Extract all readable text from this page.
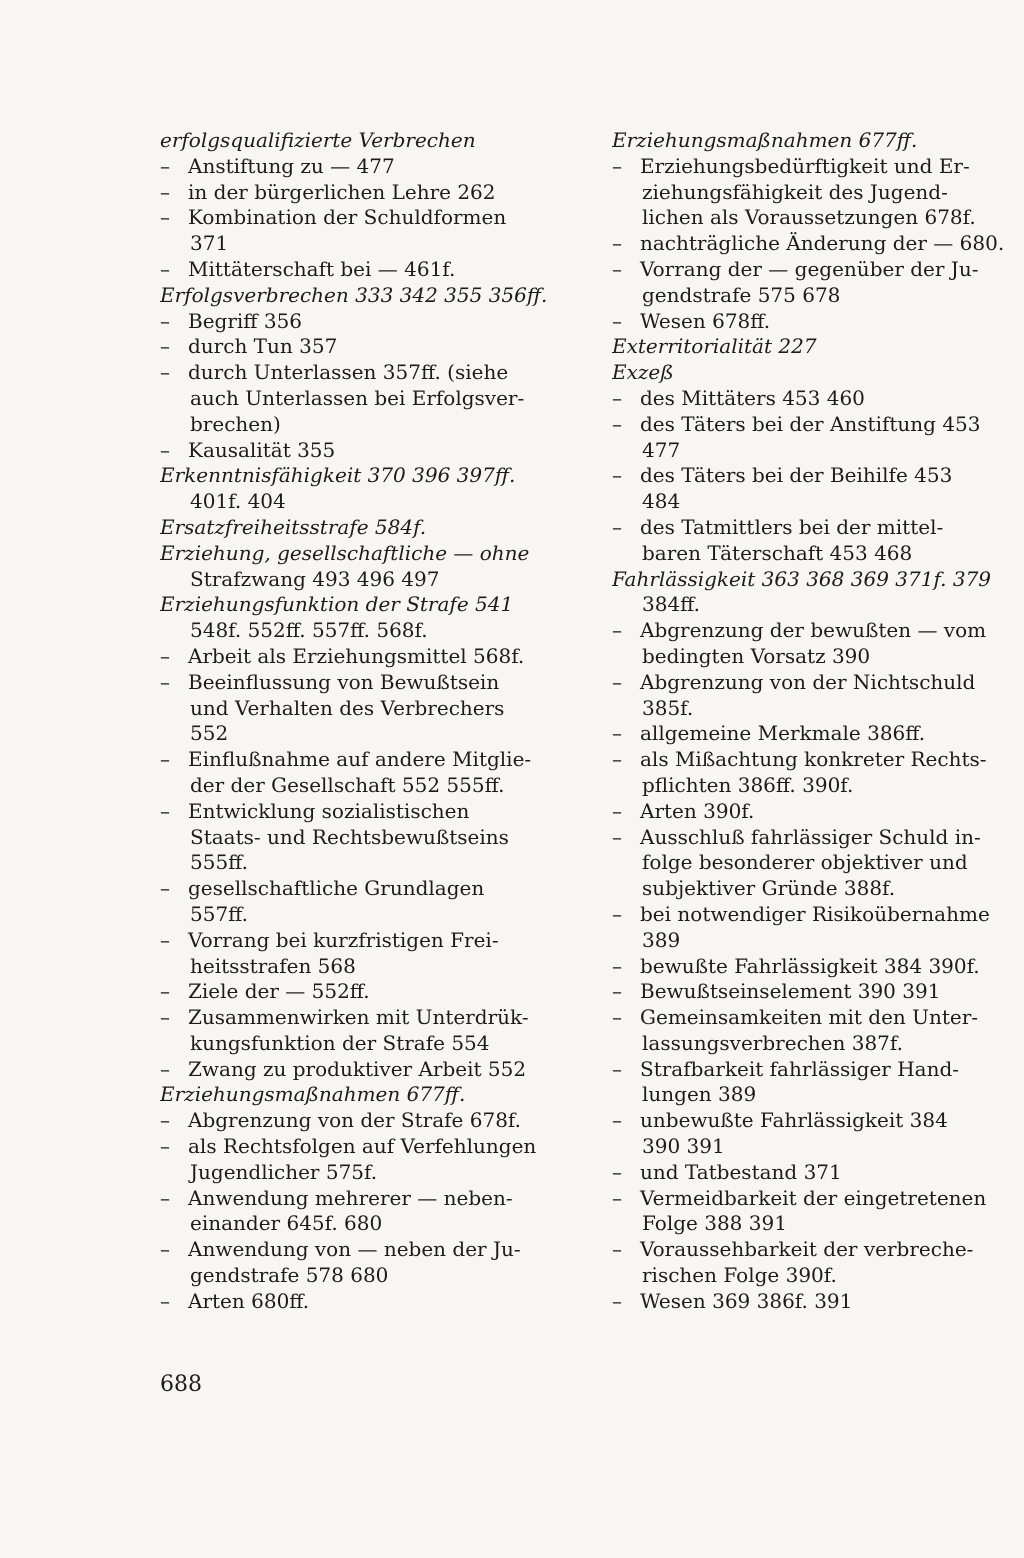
erfolgsqualifizierte Verbrechen
– Anstiftung zu — 477
– in der bürgerlichen Lehre 262
– Kombination der Schuldformen
371
– Mittäterschaft bei — 461f.
Erfolgsverbrechen 333 342 355 356ff.
– Begriff 356
– durch Tun 357
– durch Unterlassen 357ff. (siehe
auch Unterlassen bei Erfolgsver-
brechen)
– Kausalität 355
Erkenntnisfähigkeit 370 396 397ff.
401f. 404
Ersatzfreiheitsstrafe 584f.
Erziehung, gesellschaftliche — ohne
Strafzwang 493 496 497
Erziehungsfunktion der Strafe 541
548f. 552ff. 557ff. 568f.
– Arbeit als Erziehungsmittel 568f.
– Beeinflussung von Bewußtsein
und Verhalten des Verbrechers
552
– Einflußnahme auf andere Mitglie-
der der Gesellschaft 552 555ff.
– Entwicklung sozialistischen
Staats- und Rechtsbewußtseins
555ff.
– gesellschaftliche Grundlagen
557ff.
– Vorrang bei kurzfristigen Frei-
heitsstrafen 568
– Ziele der — 552ff.
– Zusammenwirken mit Unterdrük-
kungsfunktion der Strafe 554
– Zwang zu produktiver Arbeit 552
Erziehungsmaßnahmen 677ff.
– Abgrenzung von der Strafe 678f.
– als Rechtsfolgen auf Verfehlungen
Jugendlicher 575f.
– Anwendung mehrerer — neben-
einander 645f. 680
– Anwendung von — neben der Ju-
gendstrafe 578 680
– Arten 680ff.
Erziehungsmaßnahmen 677ff.
– Erziehungsbedürftigkeit und Er-
ziehungsfähigkeit des Jugend-
lichen als Voraussetzungen 678f.
– nachträgliche Änderung der — 680.
– Vorrang der — gegenüber der Ju-
gendstrafe 575 678
– Wesen 678ff.
Exterritorialität 227
Exzeß
– des Mittäters 453 460
– des Täters bei der Anstiftung 453
477
– des Täters bei der Beihilfe 453
484
– des Tatmittlers bei der mittel-
baren Täterschaft 453 468
Fahrlässigkeit 363 368 369 371f. 379
384ff.
– Abgrenzung der bewußten — vom
bedingten Vorsatz 390
– Abgrenzung von der Nichtschuld
385f.
– allgemeine Merkmale 386ff.
– als Mißachtung konkreter Rechts-
pflichten 386ff. 390f.
– Arten 390f.
– Ausschluß fahrlässiger Schuld in-
folge besonderer objektiver und
subjektiver Gründe 388f.
– bei notwendiger Risikoübernahme
389
– bewußte Fahrlässigkeit 384 390f.
– Bewußtseinselement 390 391
– Gemeinsamkeiten mit den Unter-
lassungsverbrechen 387f.
– Strafbarkeit fahrlässiger Hand-
lungen 389
– unbewußte Fahrlässigkeit 384
390 391
– und Tatbestand 371
– Vermeidbarkeit der eingetretenen
Folge 388 391
– Voraussehbarkeit der verbreche-
rischen Folge 390f.
– Wesen 369 386f. 391
688
